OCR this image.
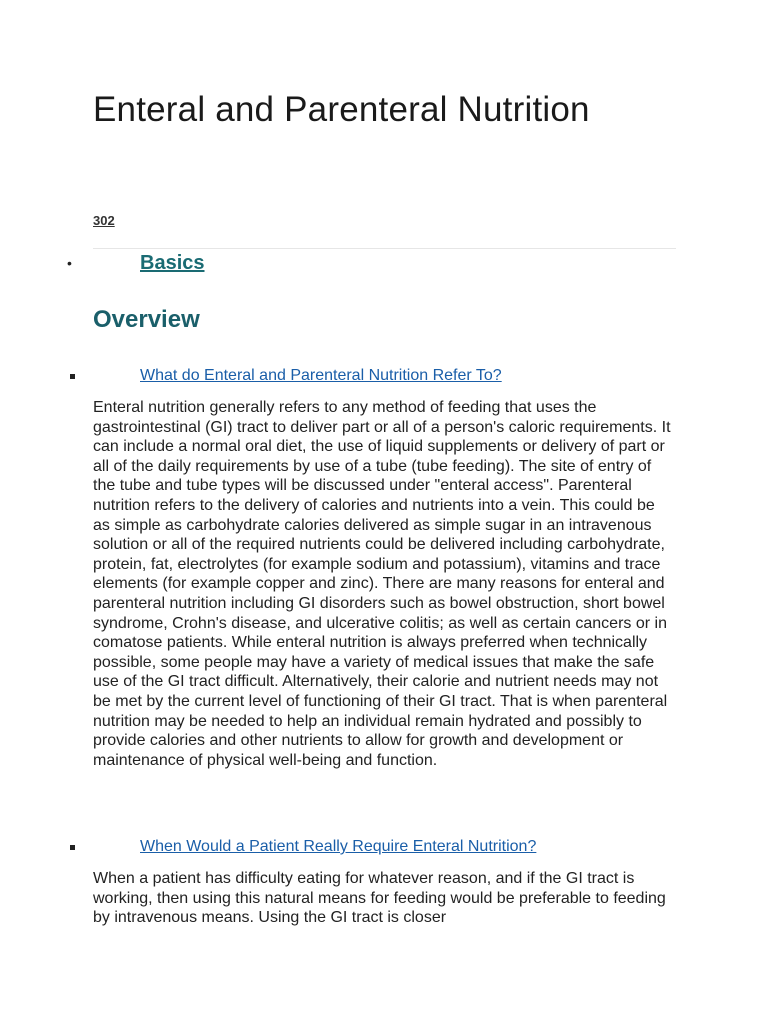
Enteral and Parenteral Nutrition
302
•	Basics
Overview
What do Enteral and Parenteral Nutrition Refer To?

Enteral nutrition generally refers to any method of feeding that uses the gastrointestinal (GI) tract to deliver part or all of a person's caloric requirements. It can include a normal oral diet, the use of liquid supplements or delivery of part or all of the daily requirements by use of a tube (tube feeding). The site of entry of the tube and tube types will be discussed under "enteral access". Parenteral nutrition refers to the delivery of calories and nutrients into a vein. This could be as simple as carbohydrate calories delivered as simple sugar in an intravenous solution or all of the required nutrients could be delivered including carbohydrate, protein, fat, electrolytes (for example sodium and potassium), vitamins and trace elements (for example copper and zinc). There are many reasons for enteral and parenteral nutrition including GI disorders such as bowel obstruction, short bowel syndrome, Crohn's disease, and ulcerative colitis; as well as certain cancers or in comatose patients. While enteral nutrition is always preferred when technically possible, some people may have a variety of medical issues that make the safe use of the GI tract difficult. Alternatively, their calorie and nutrient needs may not be met by the current level of functioning of their GI tract. That is when parenteral nutrition may be needed to help an individual remain hydrated and possibly to provide calories and other nutrients to allow for growth and development or maintenance of physical well-being and function.

When Would a Patient Really Require Enteral Nutrition?

When a patient has difficulty eating for whatever reason, and if the GI tract is working, then using this natural means for feeding would be preferable to feeding by intravenous means. Using the GI tract is closer
